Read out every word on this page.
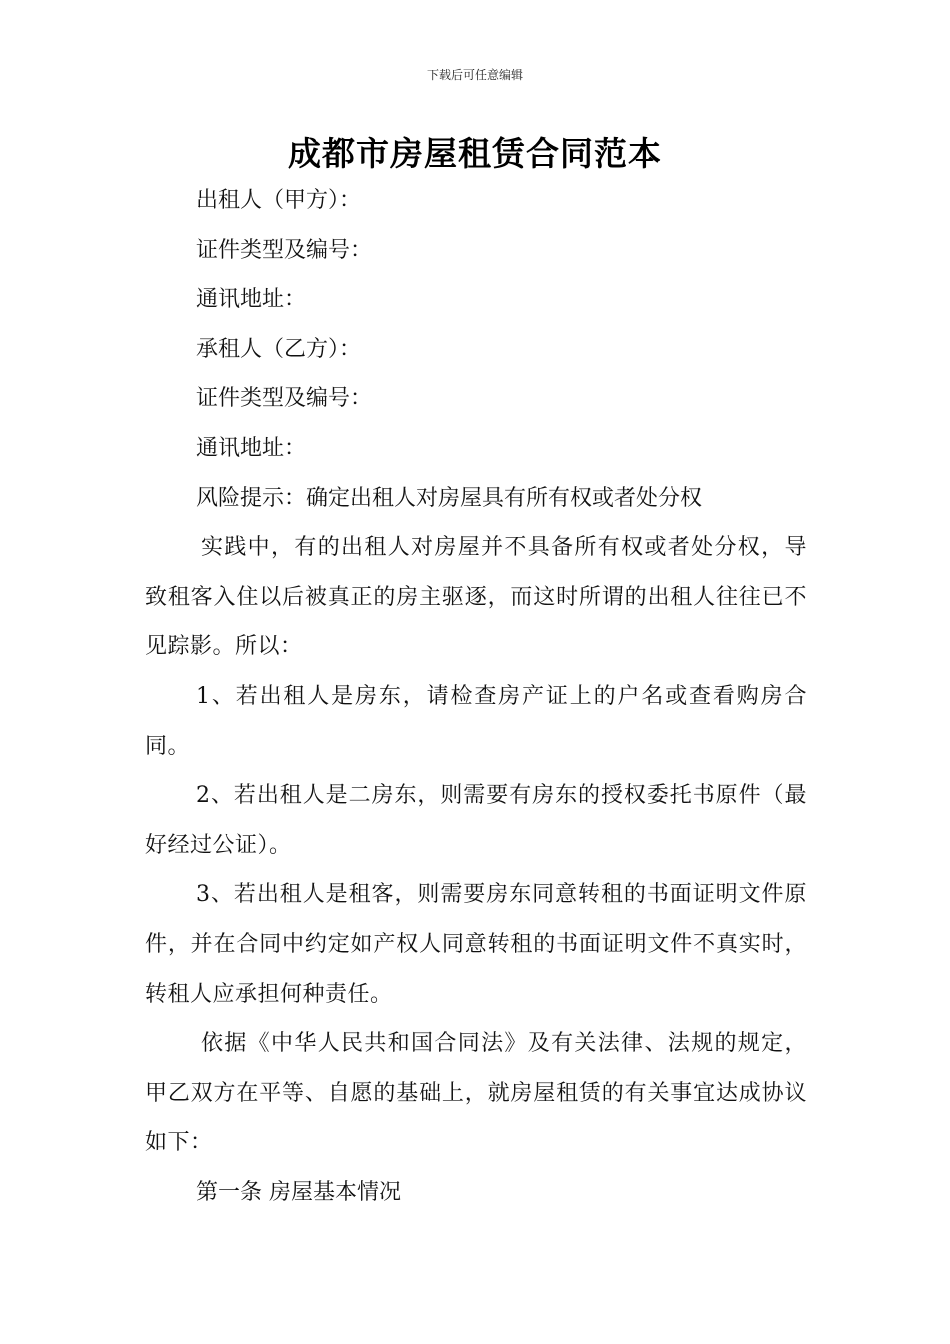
下载后可任意编辑
成都市房屋租赁合同范本

出租人（甲方）：

证件类型及编号：

通讯地址：

承租人（乙方）：

证件类型及编号：

通讯地址：

风险提示：确定出租人对房屋具有所有权或者处分权

实践中，有的出租人对房屋并不具备所有权或者处分权，导致租客入住以后被真正的房主驱逐，而这时所谓的出租人往往已不见踪影。所以：

1、若出租人是房东，请检查房产证上的户名或查看购房合同。

2、若出租人是二房东，则需要有房东的授权委托书原件（最好经过公证）。

3、若出租人是租客，则需要房东同意转租的书面证明文件原件，并在合同中约定如产权人同意转租的书面证明文件不真实时，转租人应承担何种责任。

依据《中华人民共和国合同法》及有关法律、法规的规定，甲乙双方在平等、自愿的基础上，就房屋租赁的有关事宜达成协议如下：

第一条 房屋基本情况
